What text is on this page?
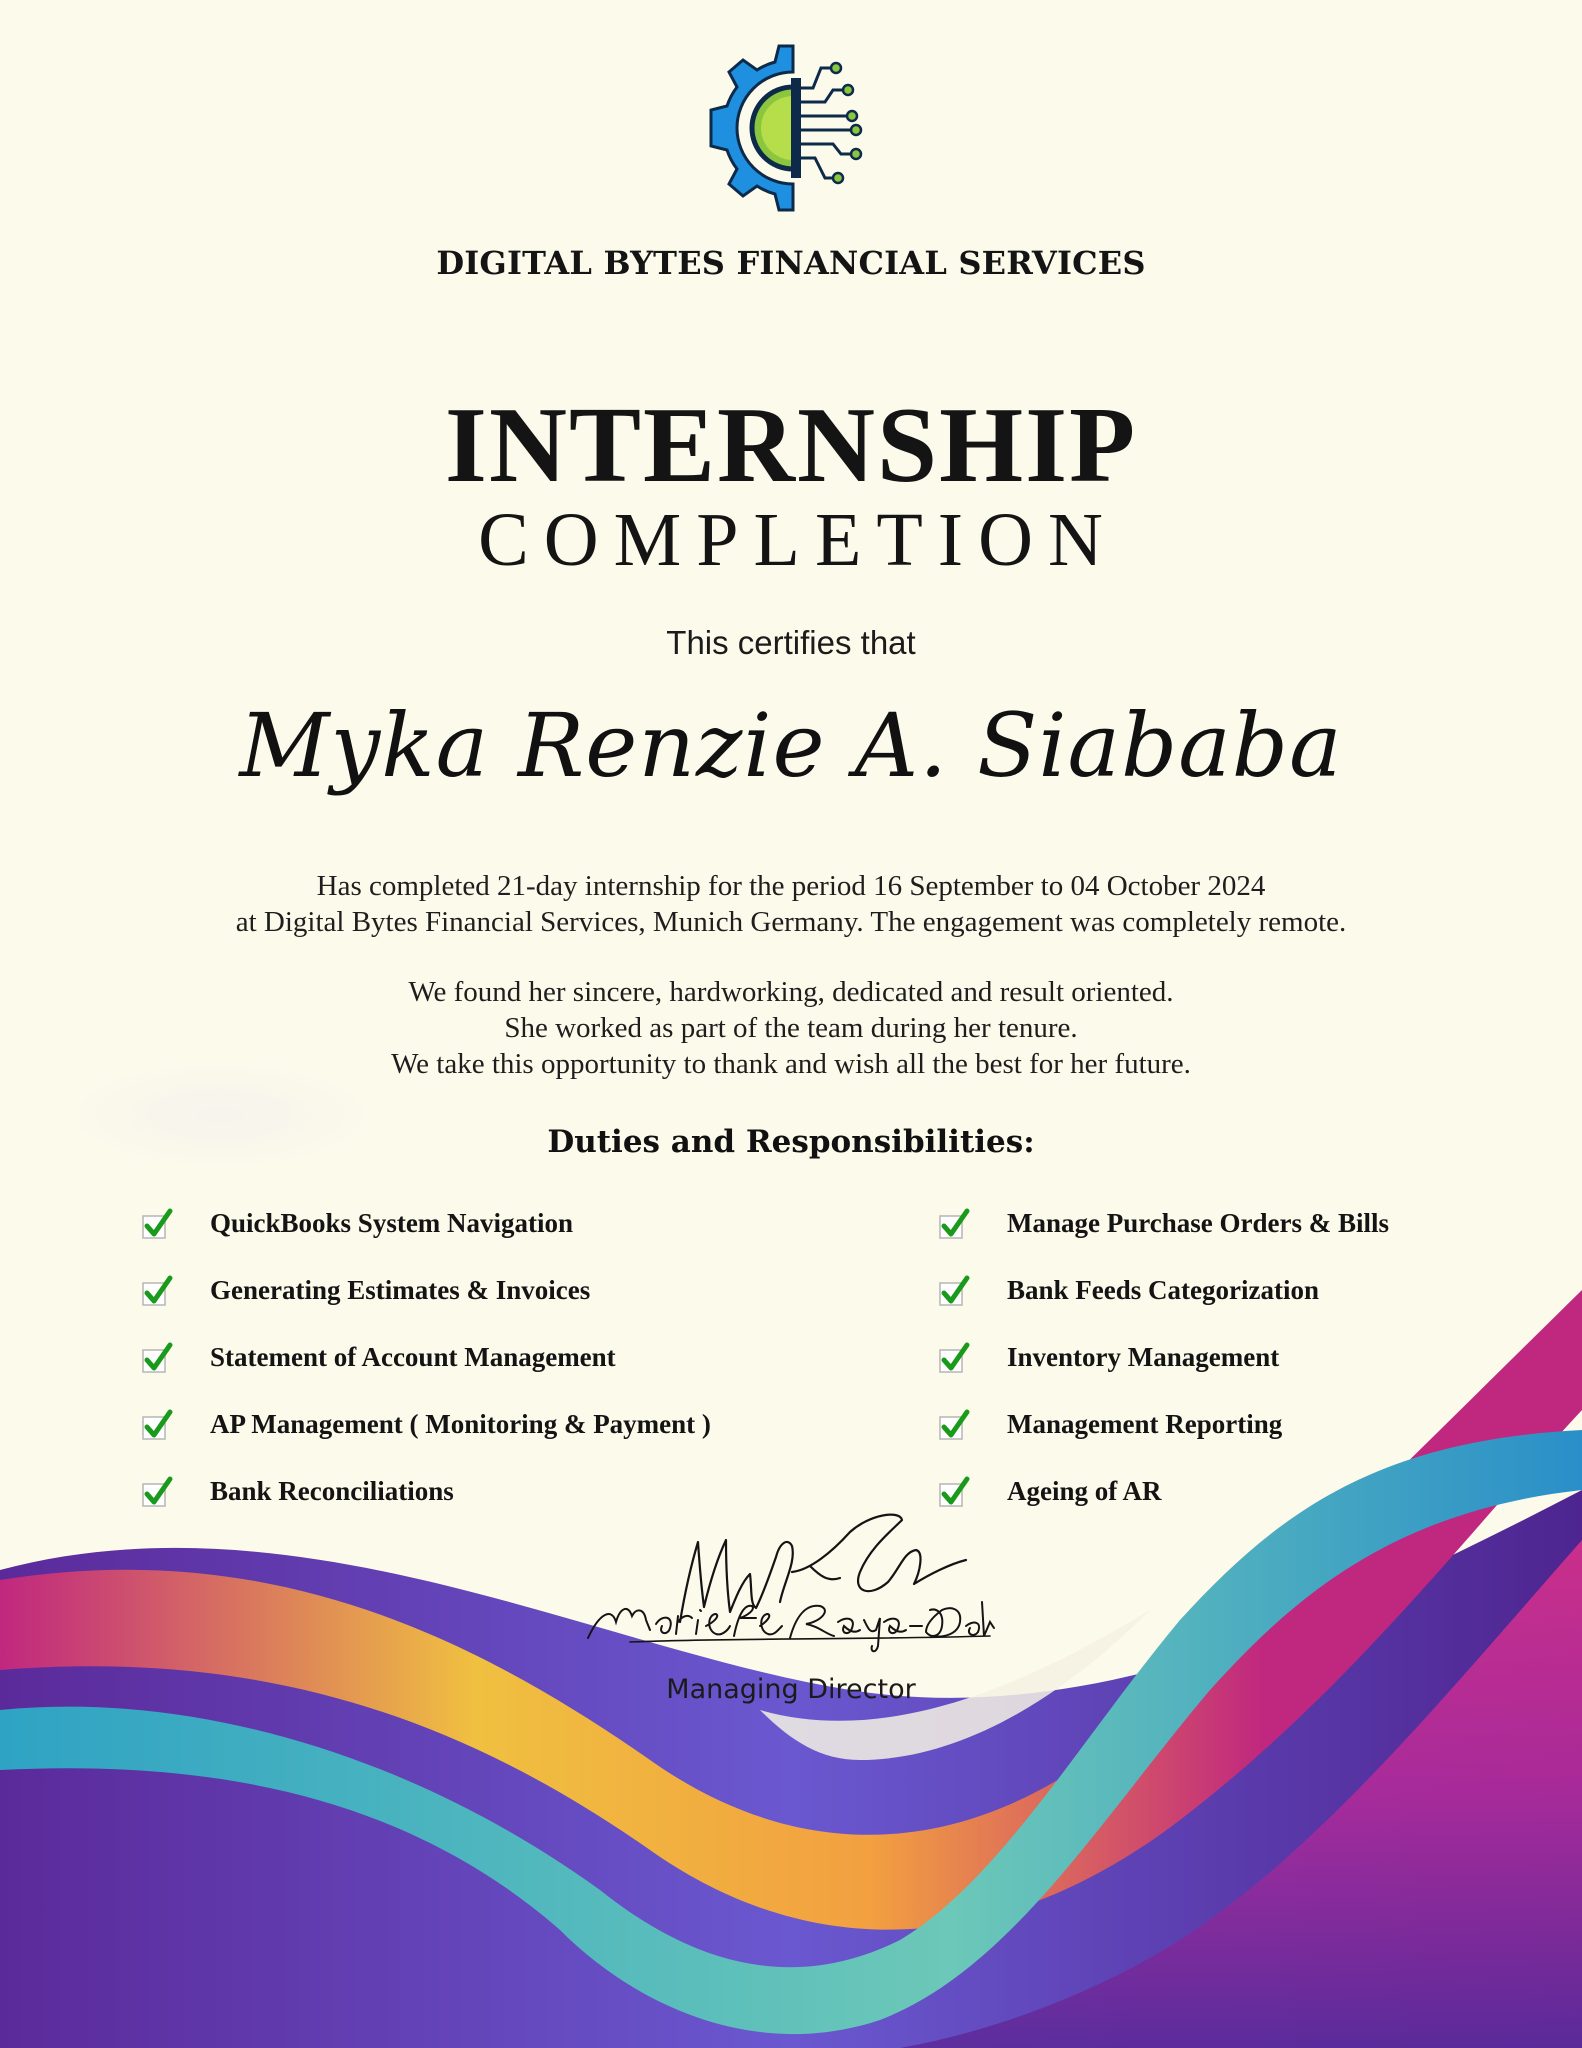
DIGITAL BYTES FINANCIAL SERVICES
INTERNSHIP
COMPLETION
This certifies that
Myka Renzie A. Siababa
Has completed 21-day internship for the period 16 September to 04 October 2024
at Digital Bytes Financial Services, Munich Germany. The engagement was completely remote.
We found her sincere, hardworking, dedicated and result oriented.
She worked as part of the team during her tenure.
We take this opportunity to thank and wish all the best for her future.
Duties and Responsibilities:
QuickBooks System Navigation
Generating Estimates & Invoices
Statement of Account Management
AP Management ( Monitoring & Payment )
Bank Reconciliations
Manage Purchase Orders & Bills
Bank Feeds Categorization
Inventory Management
Management Reporting
Ageing of AR
Managing Director
